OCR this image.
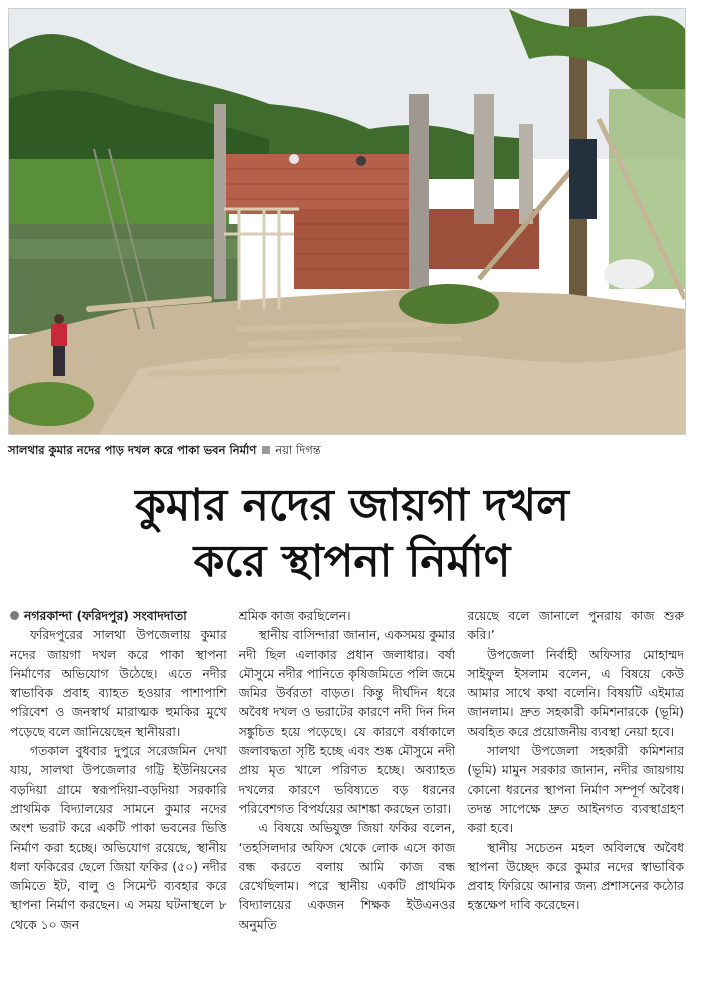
সালথার কুমার নদের পাড় দখল করে পাকা ভবন নির্মাণ নয়া দিগন্ত
কুমার নদের জায়গা দখল
করে স্থাপনা নির্মাণ

নগরকান্দা (ফরিদপুর) সংবাদদাতা

ফরিদপুরের সালথা উপজেলায় কুমার নদের জায়গা দখল করে পাকা স্থাপনা নির্মাণের অভিযোগ উঠেছে। এতে নদীর স্বাভাবিক প্রবাহ ব্যাহত হওয়ার পাশাপাশি পরিবেশ ও জনস্বার্থ মারাত্মক হুমকির মুখে পড়েছে বলে জানিয়েছেন স্থানীয়রা।

গতকাল বুধবার দুপুরে সরেজমিন দেখা যায়, সালথা উপজেলার গট্টি ইউনিয়নের বড়দিয়া গ্রামে স্বরূপদিয়া-বড়দিয়া সরকারি প্রাথমিক বিদ্যালয়ের সামনে কুমার নদের অংশ ভরাট করে একটি পাকা ভবনের ভিত্তি নির্মাণ করা হচ্ছে। অভিযোগ রয়েছে, স্থানীয় ধলা ফকিরের ছেলে জিয়া ফকির (৫০) নদীর জমিতে ইট, বালু ও সিমেন্ট ব্যবহার করে স্থাপনা নির্মাণ করছেন। এ সময় ঘটনাস্থলে ৮ থেকে ১০ জন

শ্রমিক কাজ করছিলেন।

স্থানীয় বাসিন্দারা জানান, একসময় কুমার নদী ছিল এলাকার প্রধান জলাধার। বর্ষা মৌসুমে নদীর পানিতে কৃষিজমিতে পলি জমে জমির উর্বরতা বাড়ত। কিন্তু দীর্ঘদিন ধরে অবৈধ দখল ও ভরাটের কারণে নদী দিন দিন সঙ্কুচিত হয়ে পড়েছে। যে কারণে বর্ষাকালে জলাবদ্ধতা সৃষ্টি হচ্ছে এবং শুষ্ক মৌসুমে নদী প্রায় মৃত খালে পরিণত হচ্ছে। অব্যাহত দখলের কারণে ভবিষ্যতে বড় ধরনের পরিবেশগত বিপর্যয়ের আশঙ্কা করছেন তারা।

এ বিষয়ে অভিযুক্ত জিয়া ফকির বলেন, ‘তহসিলদার অফিস থেকে লোক এসে কাজ বন্ধ করতে বলায় আমি কাজ বন্ধ রেখেছিলাম। পরে স্থানীয় একটি প্রাথমিক বিদ্যালয়ের একজন শিক্ষক ইউএনওর অনুমতি

রয়েছে বলে জানালে পুনরায় কাজ শুরু করি।’

উপজেলা নির্বাহী অফিসার মোহাম্মদ সাইফুল ইসলাম বলেন, এ বিষয়ে কেউ আমার সাথে কথা বলেনি। বিষয়টি এইমাত্র জানলাম। দ্রুত সহকারী কমিশনারকে (ভূমি) অবহিত করে প্রয়োজনীয় ব্যবস্থা নেয়া হবে।

সালথা উপজেলা সহকারী কমিশনার (ভূমি) মামুন সরকার জানান, নদীর জায়গায় কোনো ধরনের স্থাপনা নির্মাণ সম্পূর্ণ অবৈধ। তদন্ত সাপেক্ষে দ্রুত আইনগত ব্যবস্থাগ্রহণ করা হবে।

স্থানীয় সচেতন মহল অবিলম্বে অবৈধ স্থাপনা উচ্ছেদ করে কুমার নদের স্বাভাবিক প্রবাহ ফিরিয়ে আনার জন্য প্রশাসনের কঠোর হস্তক্ষেপ দাবি করেছেন।
